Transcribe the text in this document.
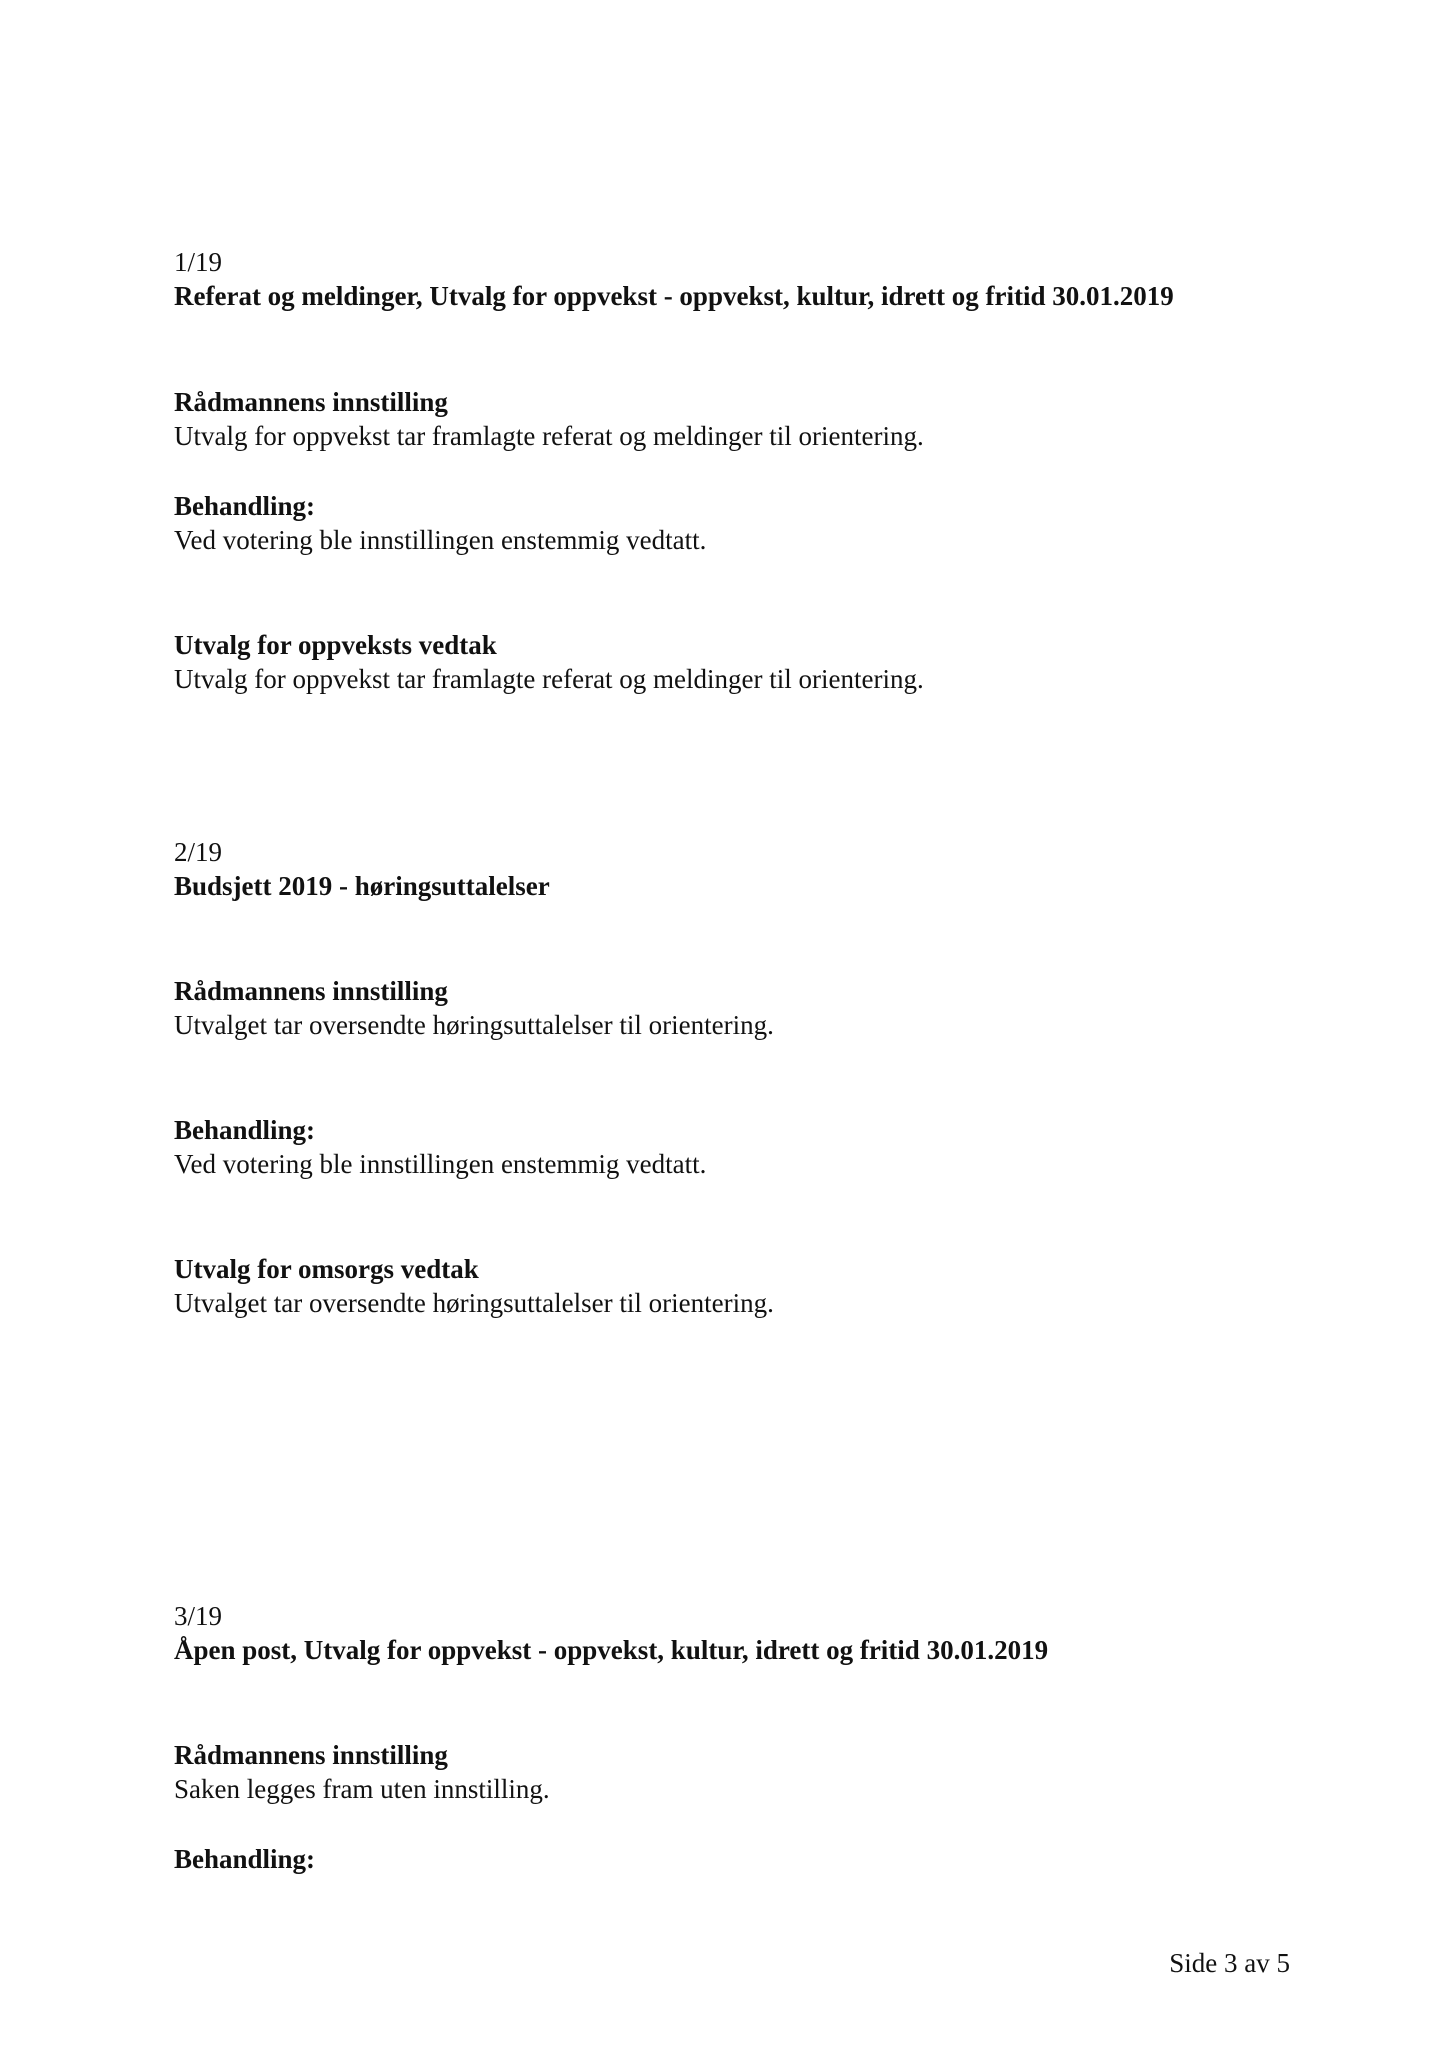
1/19
Referat og meldinger, Utvalg for oppvekst - oppvekst, kultur, idrett og fritid 30.01.2019
Rådmannens innstilling
Utvalg for oppvekst tar framlagte referat og meldinger til orientering.
Behandling:
Ved votering ble innstillingen enstemmig vedtatt.
Utvalg for oppveksts vedtak
Utvalg for oppvekst tar framlagte referat og meldinger til orientering.
2/19
Budsjett 2019 - høringsuttalelser
Rådmannens innstilling
Utvalget tar oversendte høringsuttalelser til orientering.
Behandling:
Ved votering ble innstillingen enstemmig vedtatt.
Utvalg for omsorgs vedtak
Utvalget tar oversendte høringsuttalelser til orientering.
3/19
Åpen post, Utvalg for oppvekst - oppvekst, kultur, idrett og fritid 30.01.2019
Rådmannens innstilling
Saken legges fram uten innstilling.
Behandling:
Side 3 av 5
